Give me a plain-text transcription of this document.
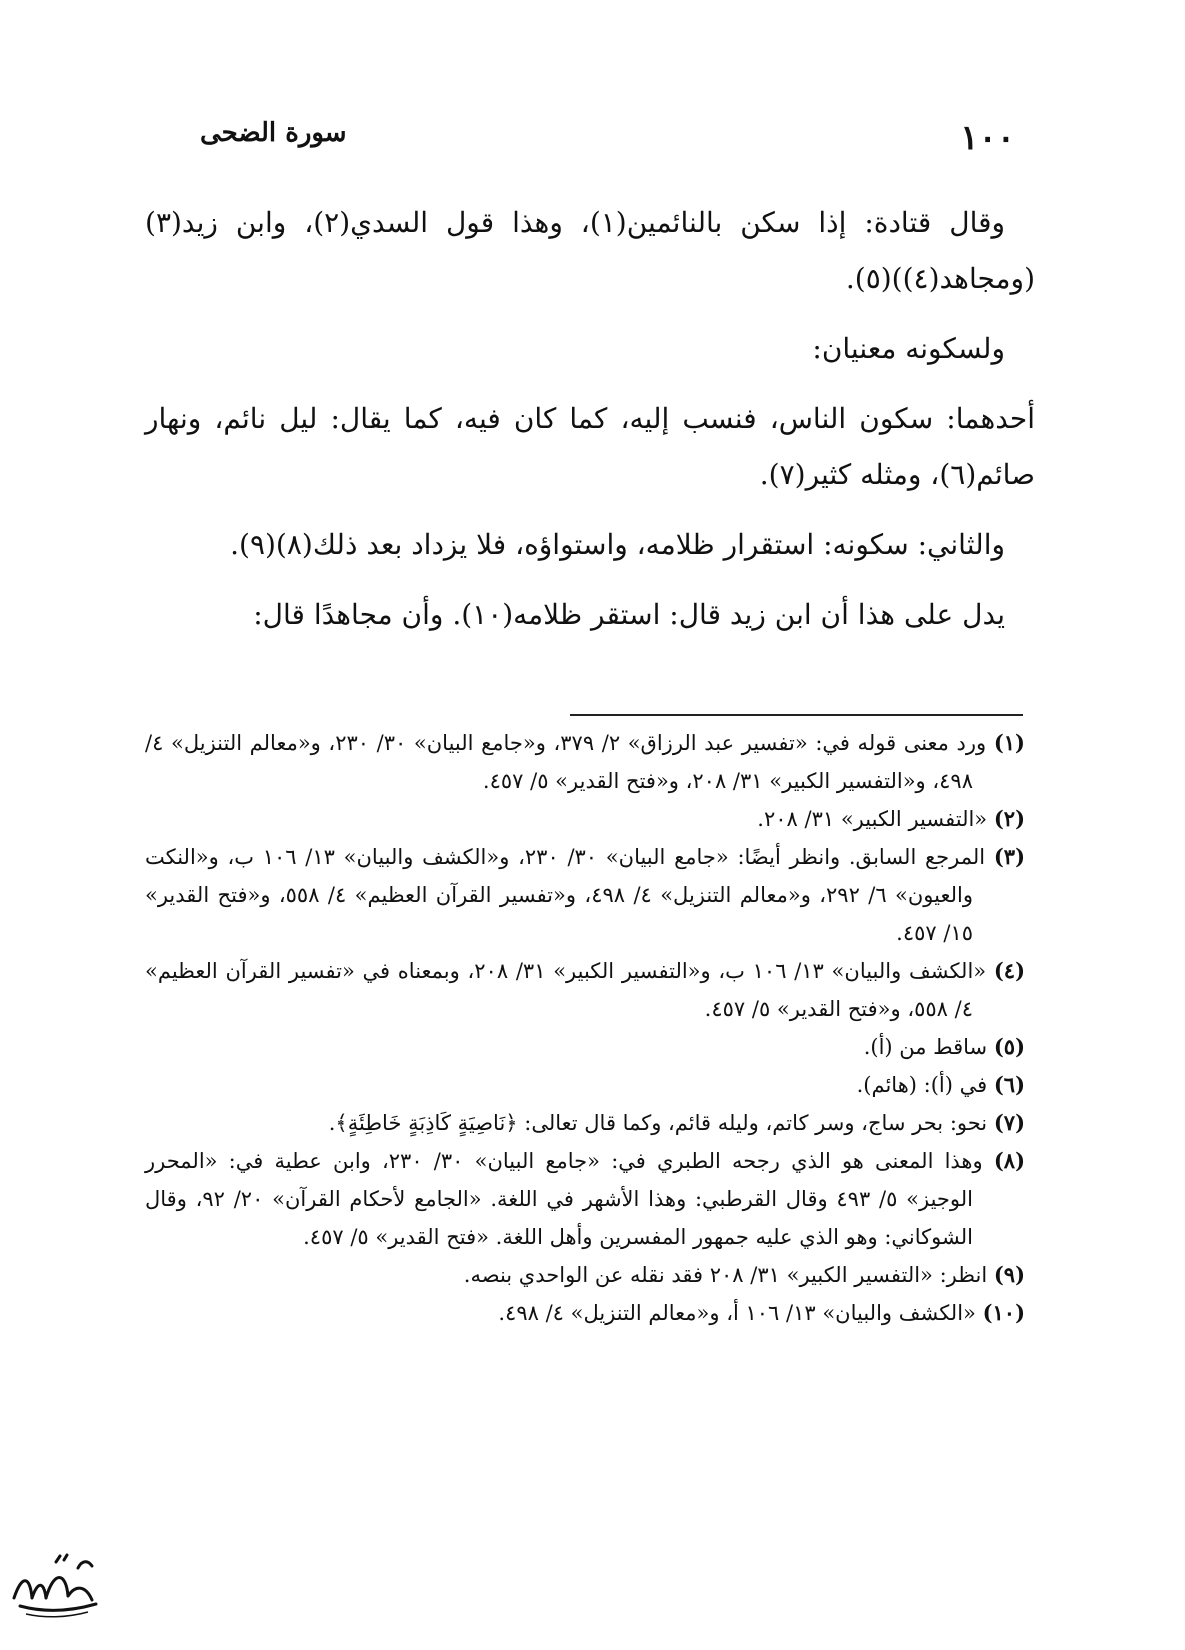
١٠٠
سورة الضحى

وقال قتادة: إذا سكن بالنائمين(١)، وهذا قول السدي(٢)، وابن زيد(٣) (ومجاهد(٤))(٥).

ولسكونه معنيان:

أحدهما: سكون الناس، فنسب إليه، كما كان فيه، كما يقال: ليل نائم، ونهار صائم(٦)، ومثله كثير(٧).

والثاني: سكونه: استقرار ظلامه، واستواؤه، فلا يزداد بعد ذلك(٨)(٩).

يدل على هذا أن ابن زيد قال: استقر ظلامه(١٠). وأن مجاهدًا قال:

(١) ورد معنى قوله في: «تفسير عبد الرزاق» ٢/ ٣٧٩، و«جامع البيان» ٣٠/ ٢٣٠، و«معالم التنزيل» ٤/ ٤٩٨، و«التفسير الكبير» ٣١/ ٢٠٨، و«فتح القدير» ٥/ ٤٥٧.

(٢) «التفسير الكبير» ٣١/ ٢٠٨.

(٣) المرجع السابق. وانظر أيضًا: «جامع البيان» ٣٠/ ٢٣٠، و«الكشف والبيان» ١٣/ ١٠٦ ب، و«النكت والعيون» ٦/ ٢٩٢، و«معالم التنزيل» ٤/ ٤٩٨، و«تفسير القرآن العظيم» ٤/ ٥٥٨، و«فتح القدير» ١٥/ ٤٥٧.

(٤) «الكشف والبيان» ١٣/ ١٠٦ ب، و«التفسير الكبير» ٣١/ ٢٠٨، وبمعناه في «تفسير القرآن العظيم» ٤/ ٥٥٨، و«فتح القدير» ٥/ ٤٥٧.

(٥) ساقط من (أ).

(٦) في (أ): (هائم).

(٧) نحو: بحر ساج، وسر كاتم، وليله قائم، وكما قال تعالى: ﴿نَاصِيَةٍ كَاذِبَةٍ خَاطِئَةٍ﴾.

(٨) وهذا المعنى هو الذي رجحه الطبري في: «جامع البيان» ٣٠/ ٢٣٠، وابن عطية في: «المحرر الوجيز» ٥/ ٤٩٣ وقال القرطبي: وهذا الأشهر في اللغة. «الجامع لأحكام القرآن» ٢٠/ ٩٢، وقال الشوكاني: وهو الذي عليه جمهور المفسرين وأهل اللغة. «فتح القدير» ٥/ ٤٥٧.

(٩) انظر: «التفسير الكبير» ٣١/ ٢٠٨ فقد نقله عن الواحدي بنصه.

(١٠) «الكشف والبيان» ١٣/ ١٠٦ أ، و«معالم التنزيل» ٤/ ٤٩٨.
